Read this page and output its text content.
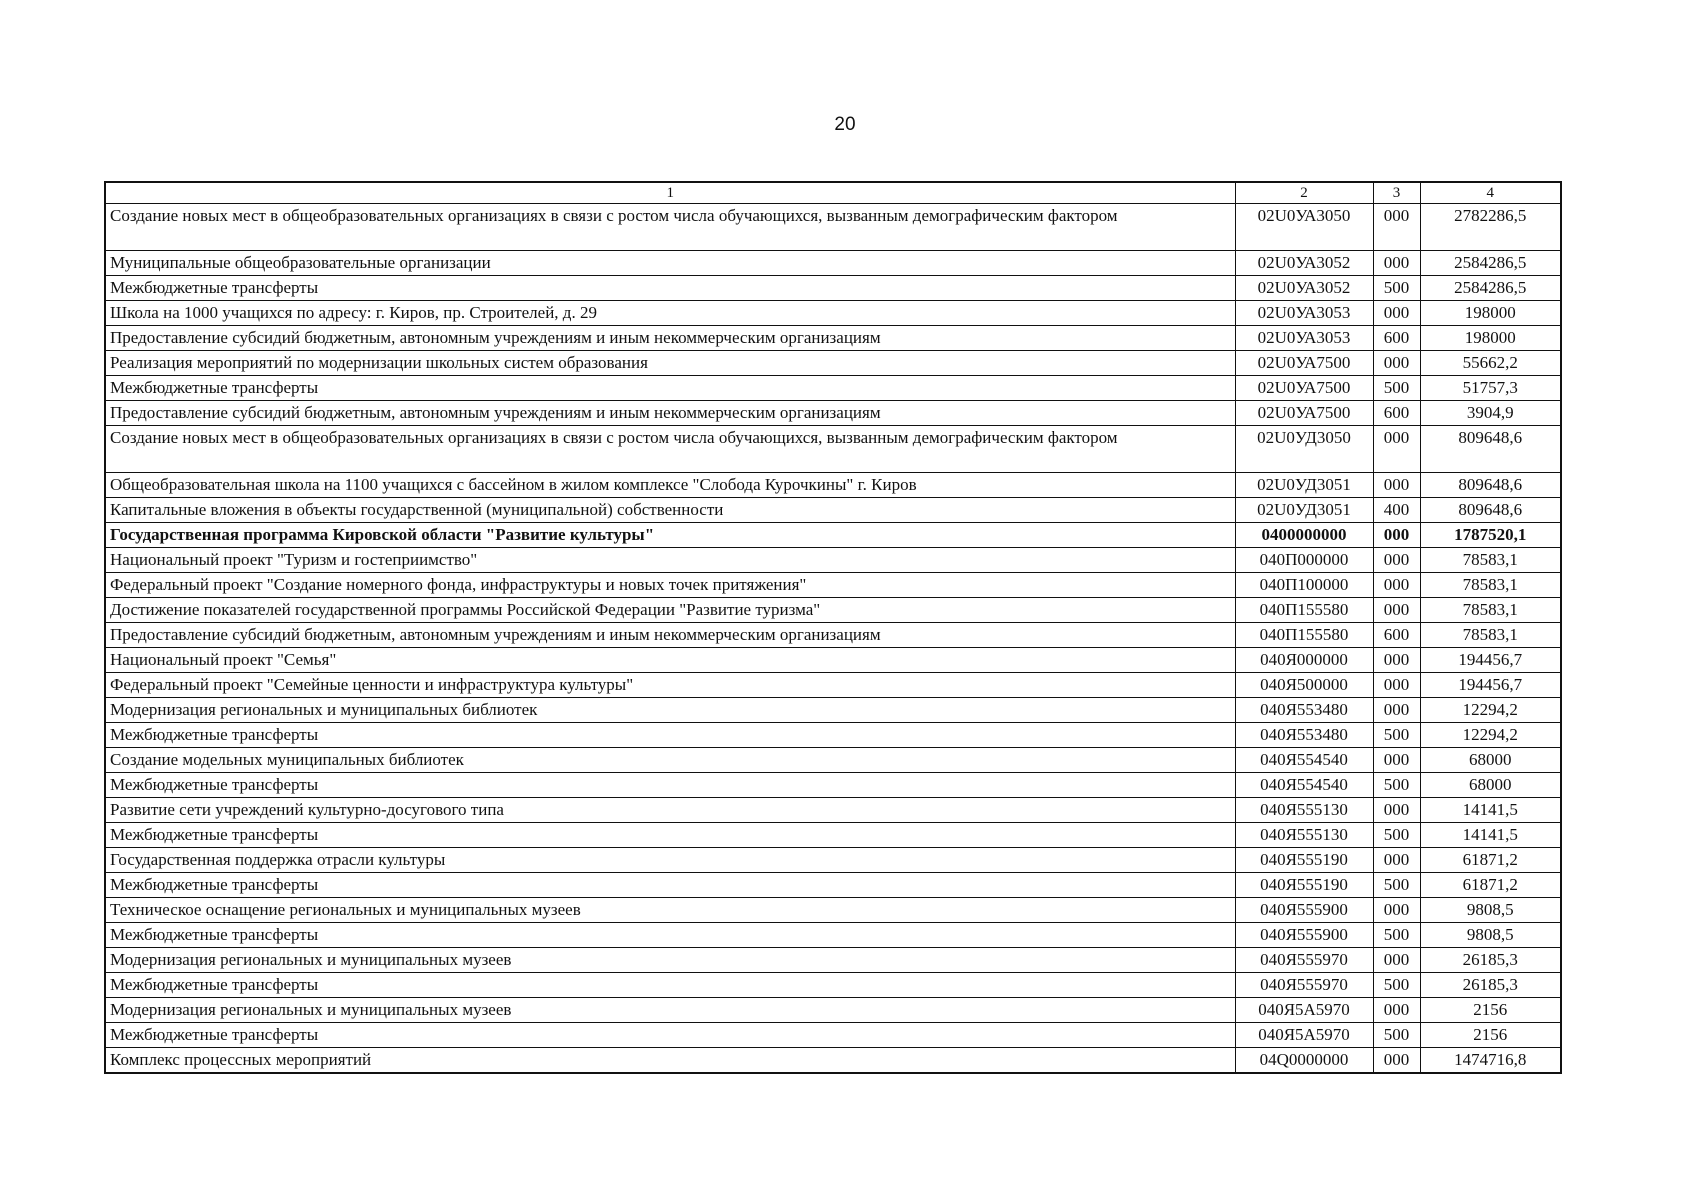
20
1	2	3	4
Создание новых мест в общеобразовательных организациях в связи с ростом числа обучающихся, вызванным демографическим фактором	02U0УА3050	000	2782286,5
Муниципальные общеобразовательные организации	02U0УА3052	000	2584286,5
Межбюджетные трансферты	02U0УА3052	500	2584286,5
Школа на 1000 учащихся по адресу: г. Киров, пр. Строителей, д. 29	02U0УА3053	000	198000
Предоставление субсидий бюджетным, автономным учреждениям и иным некоммерческим организациям	02U0УА3053	600	198000
Реализация мероприятий по модернизации школьных систем образования	02U0УА7500	000	55662,2
Межбюджетные трансферты	02U0УА7500	500	51757,3
Предоставление субсидий бюджетным, автономным учреждениям и иным некоммерческим организациям	02U0УА7500	600	3904,9
Создание новых мест в общеобразовательных организациях в связи с ростом числа обучающихся, вызванным демографическим фактором	02U0УД3050	000	809648,6
Общеобразовательная школа на 1100 учащихся с бассейном в жилом комплексе "Слобода Курочкины" г. Киров	02U0УД3051	000	809648,6
Капитальные вложения в объекты государственной (муниципальной) собственности	02U0УД3051	400	809648,6
Государственная программа Кировской области "Развитие культуры"	0400000000	000	1787520,1
Национальный проект "Туризм и гостеприимство"	040П000000	000	78583,1
Федеральный проект "Создание номерного фонда, инфраструктуры и новых точек притяжения"	040П100000	000	78583,1
Достижение показателей государственной программы Российской Федерации "Развитие туризма"	040П155580	000	78583,1
Предоставление субсидий бюджетным, автономным учреждениям и иным некоммерческим организациям	040П155580	600	78583,1
Национальный проект "Семья"	040Я000000	000	194456,7
Федеральный проект "Семейные ценности и инфраструктура культуры"	040Я500000	000	194456,7
Модернизация региональных и муниципальных библиотек	040Я553480	000	12294,2
Межбюджетные трансферты	040Я553480	500	12294,2
Создание модельных муниципальных библиотек	040Я554540	000	68000
Межбюджетные трансферты	040Я554540	500	68000
Развитие сети учреждений культурно-досугового типа	040Я555130	000	14141,5
Межбюджетные трансферты	040Я555130	500	14141,5
Государственная поддержка отрасли культуры	040Я555190	000	61871,2
Межбюджетные трансферты	040Я555190	500	61871,2
Техническое оснащение региональных и муниципальных музеев	040Я555900	000	9808,5
Межбюджетные трансферты	040Я555900	500	9808,5
Модернизация региональных и муниципальных музеев	040Я555970	000	26185,3
Межбюджетные трансферты	040Я555970	500	26185,3
Модернизация региональных и муниципальных музеев	040Я5А5970	000	2156
Межбюджетные трансферты	040Я5А5970	500	2156
Комплекс процессных мероприятий	04Q0000000	000	1474716,8
